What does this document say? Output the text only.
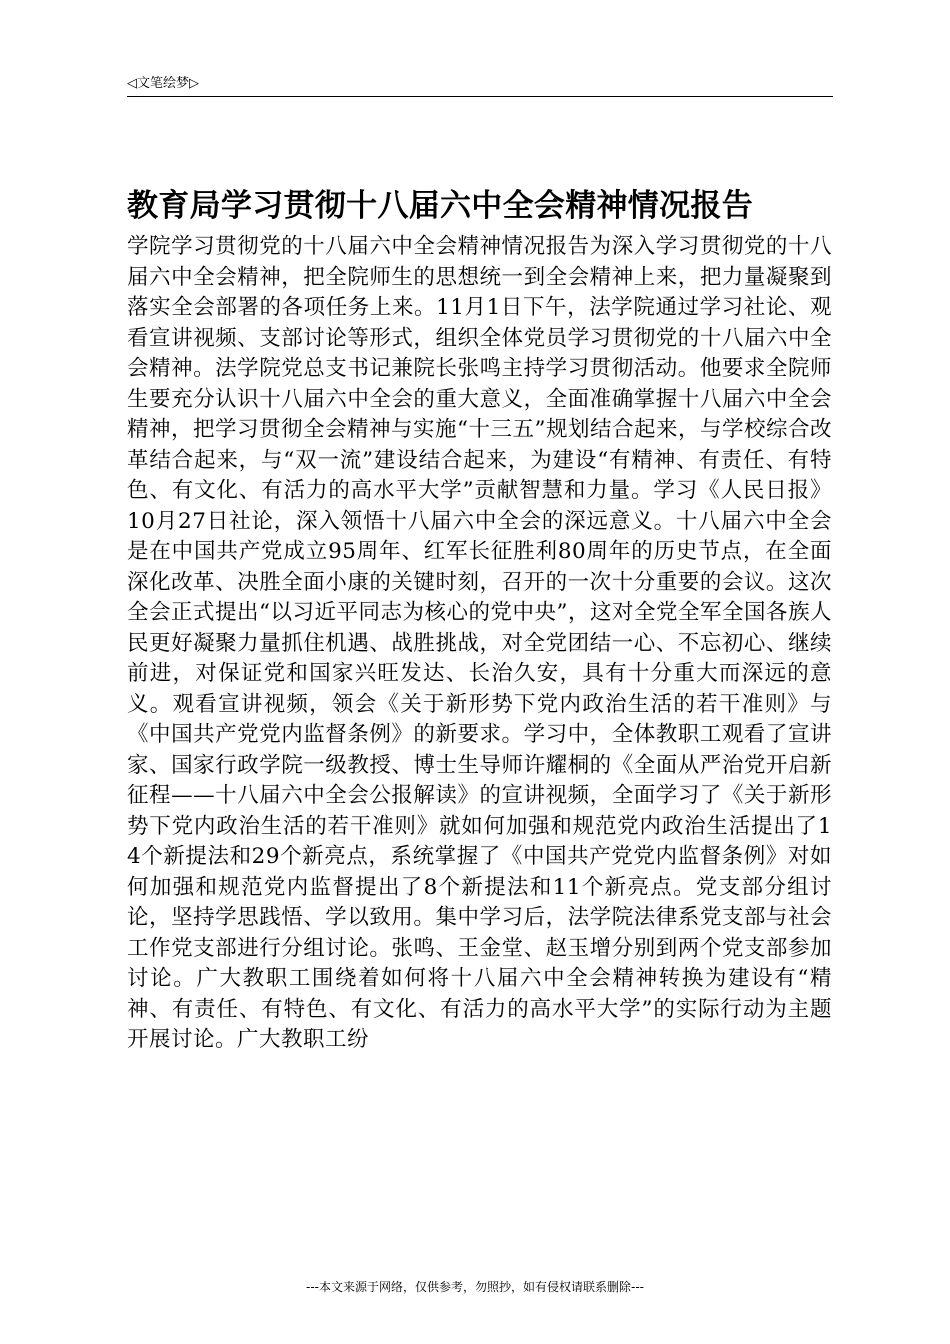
◁文笔绘梦▷
教育局学习贯彻十八届六中全会精神情况报告

学院学习贯彻党的十八届六中全会精神情况报告为深入学习贯彻党的十八届六中全会精神，把全院师生的思想统一到全会精神上来，把力量凝聚到落实全会部署的各项任务上来。11月1日下午，法学院通过学习社论、观看宣讲视频、支部讨论等形式，组织全体党员学习贯彻党的十八届六中全会精神。法学院党总支书记兼院长张鸣主持学习贯彻活动。他要求全院师生要充分认识十八届六中全会的重大意义，全面准确掌握十八届六中全会精神，把学习贯彻全会精神与实施“十三五”规划结合起来，与学校综合改革结合起来，与“双一流”建设结合起来，为建设“有精神、有责任、有特色、有文化、有活力的高水平大学”贡献智慧和力量。学习《人民日报》10月27日社论，深入领悟十八届六中全会的深远意义。十八届六中全会是在中国共产党成立95周年、红军长征胜利80周年的历史节点，在全面深化改革、决胜全面小康的关键时刻，召开的一次十分重要的会议。这次全会正式提出“以习近平同志为核心的党中央”，这对全党全军全国各族人民更好凝聚力量抓住机遇、战胜挑战，对全党团结一心、不忘初心、继续前进，对保证党和国家兴旺发达、长治久安，具有十分重大而深远的意义。观看宣讲视频，领会《关于新形势下党内政治生活的若干准则》与《中国共产党党内监督条例》的新要求。学习中，全体教职工观看了宣讲家、国家行政学院一级教授、博士生导师许耀桐的《全面从严治党开启新征程——十八届六中全会公报解读》的宣讲视频，全面学习了《关于新形势下党内政治生活的若干准则》就如何加强和规范党内政治生活提出了14个新提法和29个新亮点，系统掌握了《中国共产党党内监督条例》对如何加强和规范党内监督提出了8个新提法和11个新亮点。党支部分组讨论，坚持学思践悟、学以致用。集中学习后，法学院法律系党支部与社会工作党支部进行分组讨论。张鸣、王金堂、赵玉增分别到两个党支部参加讨论。广大教职工围绕着如何将十八届六中全会精神转换为建设有“精神、有责任、有特色、有文化、有活力的高水平大学”的实际行动为主题开展讨论。广大教职工纷

---本文来源于网络，仅供参考，勿照抄，如有侵权请联系删除---
